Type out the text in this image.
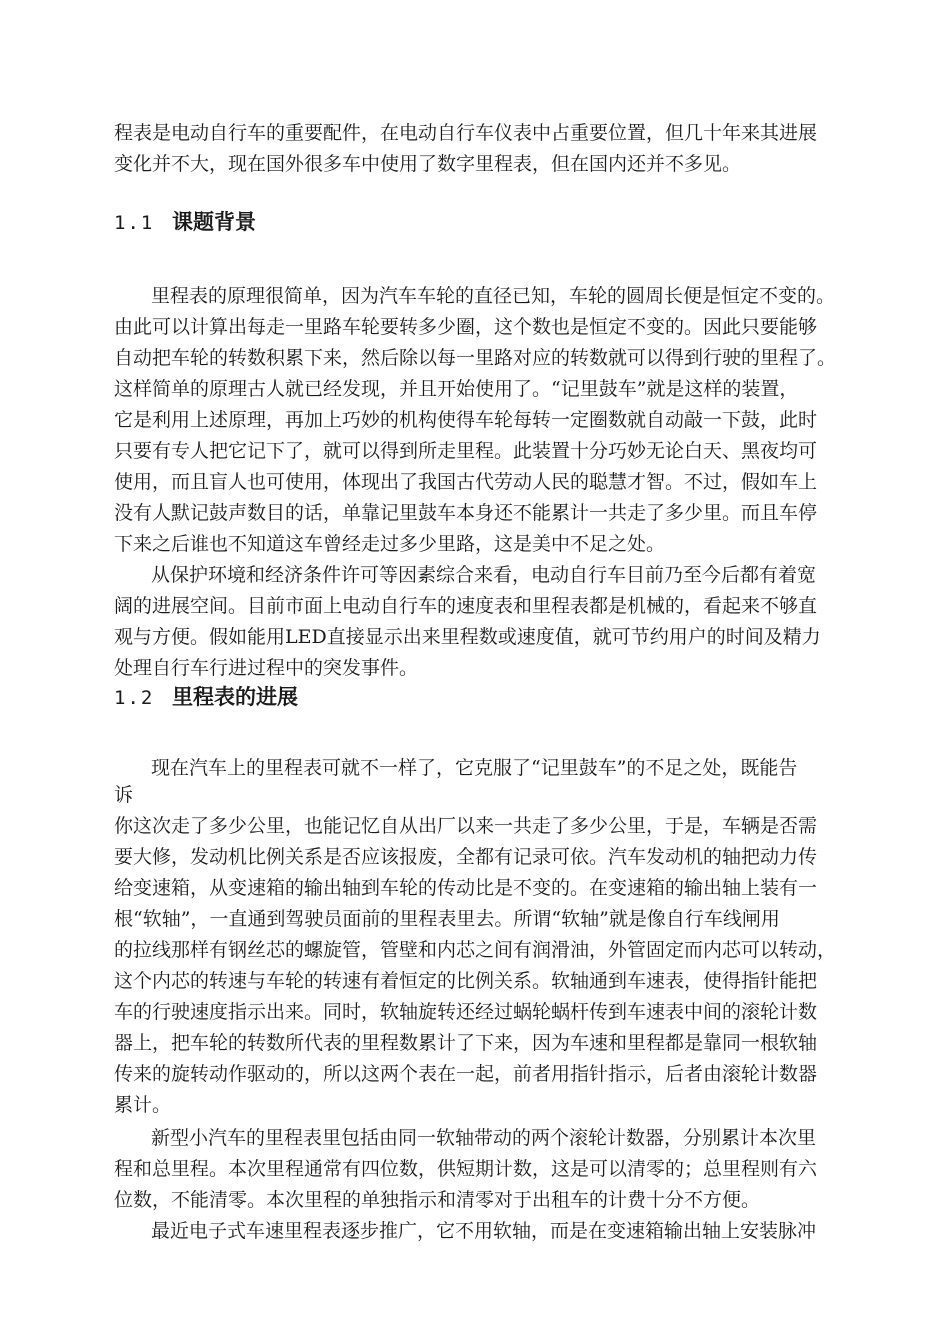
程表是电动自行车的重要配件，在电动自行车仪表中占重要位置，但几十年来其进展
变化并不大，现在国外很多车中使用了数字里程表，但在国内还并不多见。
1.1 课题背景
里程表的原理很简单，因为汽车车轮的直径已知，车轮的圆周长便是恒定不变的。
由此可以计算出每走一里路车轮要转多少圈，这个数也是恒定不变的。因此只要能够
自动把车轮的转数积累下来，然后除以每一里路对应的转数就可以得到行驶的里程了。
这样简单的原理古人就已经发现，并且开始使用了。“记里鼓车”就是这样的装置，
它是利用上述原理，再加上巧妙的机构使得车轮每转一定圈数就自动敲一下鼓，此时
只要有专人把它记下了，就可以得到所走里程。此装置十分巧妙无论白天、黑夜均可
使用，而且盲人也可使用，体现出了我国古代劳动人民的聪慧才智。不过，假如车上
没有人默记鼓声数目的话，单靠记里鼓车本身还不能累计一共走了多少里。而且车停
下来之后谁也不知道这车曾经走过多少里路，这是美中不足之处。
从保护环境和经济条件许可等因素综合来看，电动自行车目前乃至今后都有着宽
阔的进展空间。目前市面上电动自行车的速度表和里程表都是机械的，看起来不够直
观与方便。假如能用LED直接显示出来里程数或速度值，就可节约用户的时间及精力
处理自行车行进过程中的突发事件。
1.2 里程表的进展
现在汽车上的里程表可就不一样了，它克服了“记里鼓车”的不足之处，既能告
诉
你这次走了多少公里，也能记忆自从出厂以来一共走了多少公里，于是，车辆是否需
要大修，发动机比例关系是否应该报废，全都有记录可依。汽车发动机的轴把动力传
给变速箱，从变速箱的输出轴到车轮的传动比是不变的。在变速箱的输出轴上装有一
根“软轴”，一直通到驾驶员面前的里程表里去。所谓“软轴”就是像自行车线闸用
的拉线那样有钢丝芯的螺旋管，管壁和内芯之间有润滑油，外管固定而内芯可以转动，
这个内芯的转速与车轮的转速有着恒定的比例关系。软轴通到车速表，使得指针能把
车的行驶速度指示出来。同时，软轴旋转还经过蜗轮蜗杆传到车速表中间的滚轮计数
器上，把车轮的转数所代表的里程数累计了下来，因为车速和里程都是靠同一根软轴
传来的旋转动作驱动的，所以这两个表在一起，前者用指针指示，后者由滚轮计数器
累计。
新型小汽车的里程表里包括由同一软轴带动的两个滚轮计数器，分别累计本次里
程和总里程。本次里程通常有四位数，供短期计数，这是可以清零的；总里程则有六
位数，不能清零。本次里程的单独指示和清零对于出租车的计费十分不方便。
最近电子式车速里程表逐步推广，它不用软轴，而是在变速箱输出轴上安装脉冲
